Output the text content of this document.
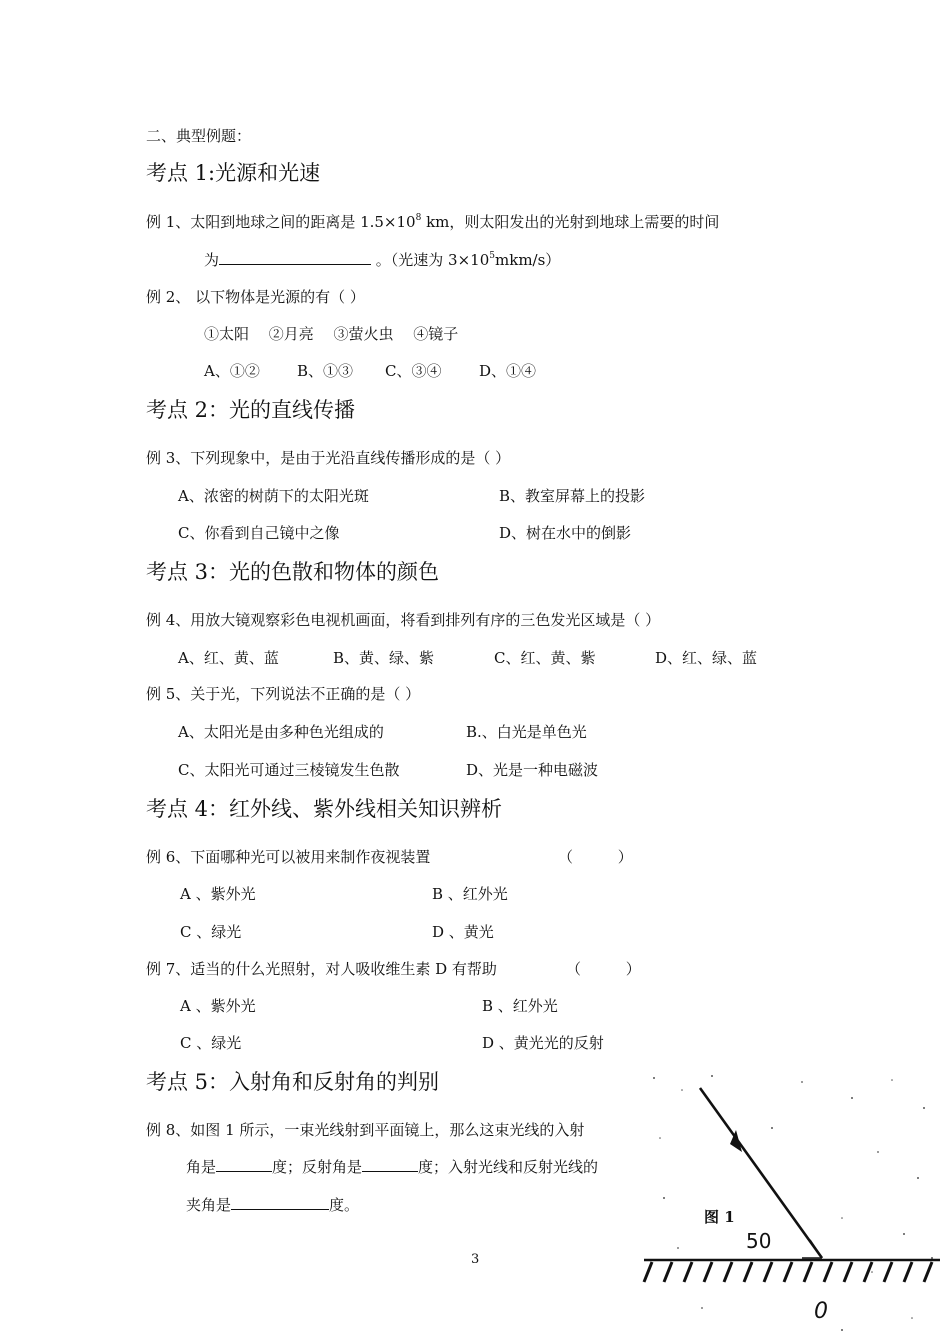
二、典型例题：
考点 1:光源和光速
例 1、太阳到地球之间的距离是 $1.5\times 10^8$ km，则太阳发出的光射到地球上需要的时间
为	。（光速为 $3\times 10^5mkm/s$）
例 2、 以下物体是光源的有（ ）
①太阳　 ②月亮　 ③萤火虫　 ④镜子
A、①② B、①③ C、③④	D、①④
考点 2：光的直线传播
例 3、下列现象中，是由于光沿直线传播形成的是（ ）
A、浓密的树荫下的太阳光斑	B、教室屏幕上的投影
C、你看到自己镜中之像	D、树在水中的倒影
考点 3：光的色散和物体的颜色
例 4、用放大镜观察彩色电视机画面，将看到排列有序的三色发光区域是（ ）
A、红、黄、蓝	B、黄、绿、紫	C、红、黄、紫	D、红、绿、蓝
例 5、关于光，下列说法不正确的是（ ）
A、太阳光是由多种色光组成的	B.、白光是单色光
C、太阳光可通过三棱镜发生色散	D、光是一种电磁波
考点 4：红外线、紫外线相关知识辨析
例 6、下面哪种光可以被用来制作夜视装置	（ ）
A 、紫外光	B 、红外光
C 、绿光	D 、黄光
例 7、适当的什么光照射，对人吸收维生素 D 有帮助	（ ）
A 、紫外光	B 、红外光
C 、绿光	D 、黄光光的反射
考点 5：入射角和反射角的判别
例 8、如图 1 所示，一束光线射到平面镜上，那么这束光线的入射
角是	度；反射角是	度；入射光线和反射光线的
夹角是	度。
图 1
50
0
3
